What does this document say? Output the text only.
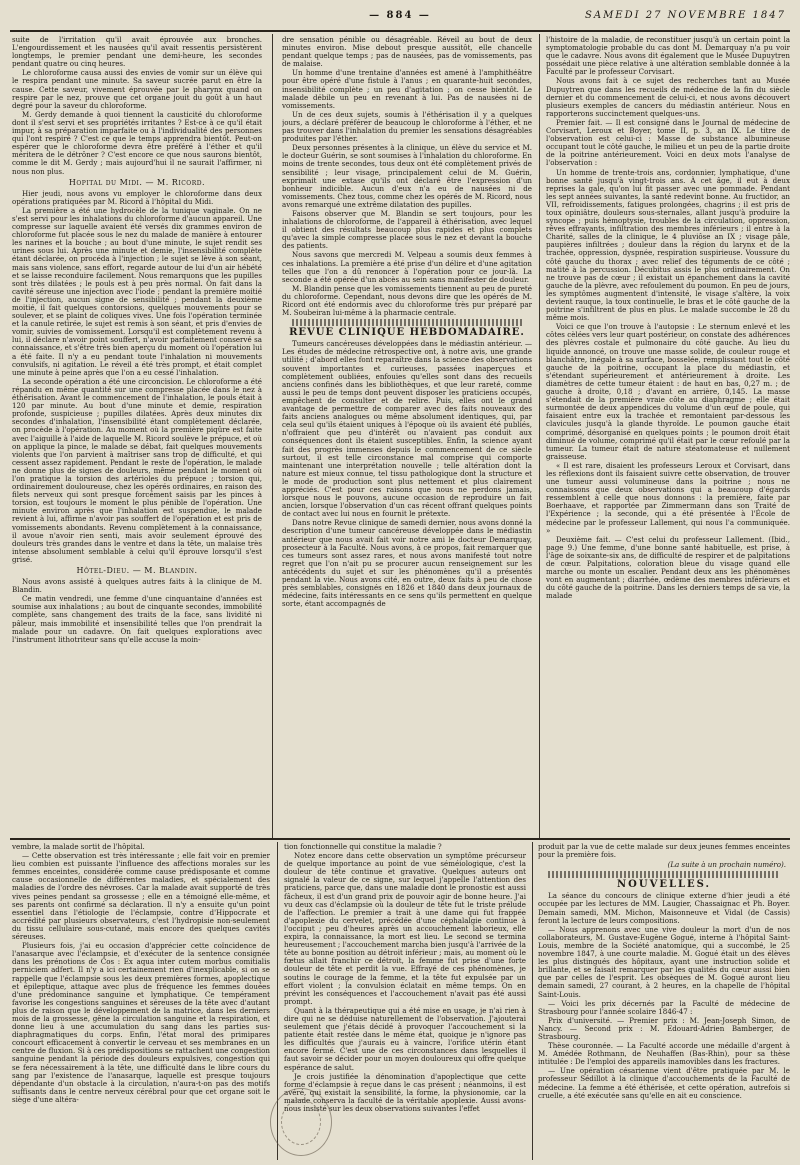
— 884 —	SAMEDI 27 NOVEMBRE 1847

suite de l'irritation qu'il avait éprouvée aux bronches. L'engourdissement et les nausées qu'il avait ressentis persistèrent longtemps, le premier pendant une demi-heure, les secondes pendant quatre ou cinq heures.

Le chloroforme causa aussi des envies de vomir sur un élève qui le respira pendant une minute. Sa saveur sucrée parut en être la cause. Cette saveur, vivement éprouvée par le pharynx quand on respire par le nez, prouve que cet organe jouit du goût à un haut degré pour la saveur du chloroforme.

M. Gerdy demande à quoi tiennent la causticité du chloroforme dont il s'est servi et ses propriétés irritantes ? Est-ce à ce qu'il était impur, à sa préparation imparfaite ou à l'individualité des personnes qui l'ont respiré ? C'est ce que le temps apprendra bientôt. Peut-on espérer que le chloroforme devra être préféré à l'éther et qu'il méritera de le détrôner ? C'est encore ce que nous saurons bientôt, comme le dit M. Gerdy ; mais aujourd'hui il ne saurait l'affirmer, ni nous non plus.

Hopital du Midi. — M. Ricord.

Hier jeudi, nous avons vu employer le chloroforme dans deux opérations pratiquées par M. Ricord à l'hôpital du Midi.

La première a été une hydrocèle de la tunique vaginale. On ne s'est servi pour les inhalations du chloroforme d'aucun appareil. Une compresse sur laquelle avaient été versés dix grammes environ de chloroforme fut placée sous le nez du malade de manière à entourer les narines et la bouche ; au bout d'une minute, le sujet rendit ses urines sous lui. Après une minute et demie, l'insensibilité complète étant déclarée, on procéda à l'injection ; le sujet se lève à son séant, mais sans violence, sans effort, regarde autour de lui d'un air hébété et se laisse reconduire facilement. Nous remarquons que les pupilles sont très dilatées ; le pouls est à peu près normal. On fait dans la cavité séreuse une injection avec l'iode ; pendant la première moitié de l'injection, aucun signe de sensibilité ; pendant la deuxième moitié, il fait quelques contorsions, quelques mouvements pour se soulever, et se plaint de coliques vives. Une fois l'opération terminée et la canule retirée, le sujet est remis à son séant, et pris d'envies de vomir, suivies de vomissement. Lorsqu'il est complètement revenu à lui, il déclare n'avoir point souffert, n'avoir parfaitement conservé sa connaissance, et s'être très bien aperçu du moment où l'opération lui a été faite. Il n'y a eu pendant toute l'inhalation ni mouvements convulsifs, ni agitation. Le réveil a été très prompt, et était complet une minute à peine après que l'on a eu cessé l'inhalation.

La seconde opération a été une circoncision. Le chloroforme a été répandu en même quantité sur une compresse placée dans le nez à éthérisation. Avant le commencement de l'inhalation, le pouls était à 120 par minute. Au bout d'une minute et demie, respiration profonde, suspicieuse ; pupilles dilatées. Après deux minutes dix secondes d'inhalation, l'insensibilité étant complètement déclarée, on procède à l'opération. Au moment où la première piqûre est faite avec l'aiguille à l'aide de laquelle M. Ricord soulève le prépuce, et où on applique la pince, le malade se débat, fait quelques mouvements violents que l'on parvient à maîtriser sans trop de difficulté, et qui cessent assez rapidement. Pendant le reste de l'opération, le malade ne donne plus de signes de douleurs, même pendant le moment où l'on pratique la torsion des artérioles du prépuce ; torsion qui, ordinairement douloureuse, chez les opérés ordinaires, en raison des filets nerveux qui sont presque forcément saisis par les pinces à torsion, est toujours le moment le plus pénible de l'opération. Une minute environ après que l'inhalation est suspendue, le malade revient à lui, affirme n'avoir pas souffert de l'opération et est pris de vomissements abondants. Revenu complètement à la connaissance, il avoue n'avoir rien senti, mais avoir seulement éprouvé des douleurs très grandes dans le ventre et dans la tête, un malaise très intense absolument semblable à celui qu'il éprouve lorsqu'il s'est grisé.

Hôtel-Dieu. — M. Blandin.

Nous avons assisté à quelques autres faits à la clinique de M. Blandin.

Ce matin vendredi, une femme d'une cinquantaine d'années est soumise aux inhalations ; au bout de cinquante secondes, immobilité complète, sans changement des traits de la face, sans lividité ni pâleur, mais immobilité et insensibilité telles que l'on prendrait la malade pour un cadavre. On fait quelques explorations avec l'instrument lithotriteur sans qu'elle accuse la moin-

dre sensation pénible ou désagréable. Réveil au bout de deux minutes environ. Mise debout presque aussitôt, elle chancelle pendant quelque temps ; pas de nausées, pas de vomissements, pas de malaise.

Un homme d'une trentaine d'années est amené à l'amphithéâtre pour être opéré d'une fistule à l'anus ; en quarante-huit secondes, insensibilité complète ; un peu d'agitation ; on cesse bientôt. Le malade débile un peu en revenant à lui. Pas de nausées ni de vomissements.

Un de ces deux sujets, soumis à l'éthérisation il y a quelques jours, a déclaré préférer de beaucoup le chloroforme à l'éther, et ne pas trouver dans l'inhalation du premier les sensations désagréables produites par l'éther.

Deux personnes présentes à la clinique, un élève du service et M. le docteur Guérin, se sont soumises à l'inhalation du chloroforme. En moins de trente secondes, tous deux ont été complètement privés de sensibilité ; leur visage, principalement celui de M. Guérin, exprimait une extase qu'ils ont déclaré être l'expression d'un bonheur indicible. Aucun d'eux n'a eu de nausées ni de vomissements. Chez tous, comme chez les opérés de M. Ricord, nous avons remarqué une extrême dilatation des pupilles.

Faisons observer que M. Blandin se sert toujours, pour les inhalations de chloroforme, de l'appareil à éthérisation, avec lequel il obtient des résultats beaucoup plus rapides et plus complets qu'avec la simple compresse placée sous le nez et devant la bouche des patients.

Nous savons que mercredi M. Velpeau a soumis deux femmes à ces inhalations. La première a été prise d'un délire et d'une agitation telles que l'on a dû renoncer à l'opération pour ce jour-là. La seconde a été opérée d'un abcès au sein sans manifester de douleur.

M. Blandin pense que les vomissements tiennent au peu de pureté du chloroforme. Cependant, nous devons dire que les opérés de M. Ricord ont été endormis avec du chloroforme très pur préparé par M. Soubeiran lui-même à la pharmacie centrale.

REVUE CLINIQUE HEBDOMADAIRE.

Tumeurs cancéreuses développées dans le médiastin antérieur. — Les études de médecine rétrospective ont, à notre avis, une grande utilité ; d'abord elles font reparaître dans la science des observations souvent importantes et curieuses, passées inaperçues et complètement oubliées, enfouies qu'elles sont dans des recueils anciens confinés dans les bibliothèques, et que leur rareté, comme aussi le peu de temps dont peuvent disposer les praticiens occupés, empêchent de consulter et de relire. Puis, elles ont le grand avantage de permettre de comparer avec des faits nouveaux des faits anciens analogues ou même absolument identiques, qui, par cela seul qu'ils étaient uniques à l'époque où ils avaient été publiés, n'offraient que peu d'intérêt ou n'avaient pas conduit aux conséquences dont ils étaient susceptibles. Enfin, la science ayant fait des progrès immenses depuis le commencement de ce siècle surtout, il est telle circonstance mal comprise qui comporte maintenant une interprétation nouvelle ; telle altération dont la nature est mieux connue, tel tissu pathologique dont la structure et le mode de production sont plus nettement et plus clairement appréciés. C'est pour ces raisons que nous ne perdons jamais, lorsque nous le pouvons, aucune occasion de reproduire un fait ancien, lorsque l'observation d'un cas récent offrant quelques points de contact avec lui nous en fournit le prétexte.

Dans notre Revue clinique de samedi dernier, nous avons donné la description d'une tumeur cancéreuse développée dans le médiastin antérieur que nous avait fait voir notre ami le docteur Demarquay, prosecteur à la Faculté. Nous avons, à ce propos, fait remarquer que ces tumeurs sont assez rares, et nous avons manifesté tout notre regret que l'on n'ait pu se procurer aucun renseignement sur les antécédents du sujet et sur les phénomènes qu'il a présentés pendant la vie. Nous avons cité, en outre, deux faits à peu de chose près semblables, consignés en 1826 et 1840 dans deux journaux de médecine, faits intéressants en ce sens qu'ils permettent en quelque sorte, étant accompagnés de

l'histoire de la maladie, de reconstituer jusqu'à un certain point la symptomatologie probable du cas dont M. Demarquay n'a pu voir que le cadavre. Nous avons dit également que le Musée Dupuytren possédait une pièce relative à une altération semblable donnée à la Faculté par le professeur Corvisart.

Nous avons fait à ce sujet des recherches tant au Musée Dupuytren que dans les recueils de médecine de la fin du siècle dernier et du commencement de celui-ci, et nous avons découvert plusieurs exemples de cancers du médiastin antérieur. Nous en rapporterons succinctement quelques-uns.

Premier fait. — Il est consigné dans le Journal de médecine de Corvisart, Leroux et Boyer, tome II, p. 3, an IX. Le titre de l'observation est celui-ci : Masse de substance albumineuse occupant tout le côté gauche, le milieu et un peu de la partie droite de la poitrine antérieurement. Voici en deux mots l'analyse de l'observation :

Un homme de trente-trois ans, cordonnier, lymphatique, d'une bonne santé jusqu'à vingt-trois ans. À cet âge, il eut à deux reprises la gale, qu'on lui fit passer avec une pommade. Pendant les sept années suivantes, la santé redevint bonne. Au fructidor, an VII, refroidissements, fatigues prolongées, chagrins ; il est pris de toux opiniâtre, douleurs sous-sternales, allant jusqu'à produire la syncope ; puis hémoptysie, troubles de la circulation, oppression, rêves effrayants, infiltration des membres inférieurs ; il entre à la Charité, salles de la clinique, le 4 pluviôse an IX ; visage pâle, paupières infiltrées ; douleur dans la région du larynx et de la trachée, oppression, dyspnée, respiration suspirieuse. Voussure du côté gauche du thorax ; avec relief des téguments de ce côté ; matité à la percussion. Décubitus assis le plus ordinairement. On ne trouve pas de cœur ; il existait un épanchement dans la cavité gauche de la plèvre, avec refoulement du poumon. En peu de jours, les symptômes augmentent d'intensité, le visage s'altère, la voix devient rauque, la toux continuelle, le bras et le côté gauche de la poitrine s'infiltrent de plus en plus. Le malade succombe le 28 du même mois.

Voici ce que l'on trouve à l'autopsie : Le sternum enlevé et les côtes cèlées vers leur quart postérieur, on constate des adhérences des plèvres costale et pulmonaire du côté gauche. Au lieu du liquide annoncé, on trouve une masse solide, de couleur rouge et blanchâtre, inégale à sa surface, bosselée, remplissant tout le côté gauche de la poitrine, occupant la place du médiastin, et s'étendant supérieurement et antérieurement à droite. Les diamètres de cette tumeur étaient : de haut en bas, 0,27 m. ; de gauche à droite, 0,18 ; d'avant en arrière, 0,145. La masse s'étendait de la première vraie côte au diaphragme ; elle était surmontée de deux appendices du volume d'un œuf de poule, qui faisaient entre eux la trachée et remontaient par-dessous les clavicules jusqu'à la glande thyroïde. Le poumon gauche était comprimé, désorganisé en quelques points ; le poumon droit était diminué de volume, comprimé qu'il était par le cœur refoulé par la tumeur. La tumeur était de nature stéatomateuse et nullement graisseuse.

« Il est rare, disaient les professeurs Leroux et Corvisart, dans les réflexions dont ils faisaient suivre cette observation, de trouver une tumeur aussi volumineuse dans la poitrine ; nous ne connaissons que deux observations qui a beaucoup d'égards ressemblent à celle que nous donnons : la première, faite par Boerhaave, et rapportée par Zimmermann dans son Traité de l'Expérience ; la seconde, qui a été présentée à l'École de médecine par le professeur Lallement, qui nous l'a communiquée. »

Deuxième fait. — C'est celui du professeur Lallement. (Ibid., page 9.) Une femme, d'une bonne santé habituelle, est prise, à l'âge de soixante-six ans, de difficulté de respirer et de palpitations de cœur. Palpitations, coloration bleue du visage quand elle marche ou monte un escalier. Pendant deux ans les phénomènes vont en augmentant ; diarrhée, œdème des membres inférieurs et du côté gauche de la poitrine. Dans les derniers temps de sa vie, la malade

vembre, la malade sortit de l'hôpital.

— Cette observation est très intéressante ; elle fait voir en premier lieu combien est puissante l'influence des affections morales sur les femmes enceintes, considérée comme cause prédisposante et comme cause occasionnelle de différentes maladies, et spécialement des maladies de l'ordre des névroses. Car la malade avait supporté de très vives peines pendant sa grossesse ; elle en a témoigné elle-même, et ses parents ont confirmé sa déclaration. Il n'y a ensuite qu'un point essentiel dans l'étiologie de l'éclampsie, contre d'Hippocrate et accrédité par plusieurs observateurs, c'est l'hydropisie non-seulement du tissu cellulaire sous-cutané, mais encore des quelques cavités séreuses.

Plusieurs fois, j'ai eu occasion d'apprécier cette coïncidence de l'anasarque avec l'éclampsie, et d'exécuter de la sentence consignée dans les prénotions de Cos : Ex aqua inter cutem morbus comitialis perniciem adfert. Il n'y a ici certainement rien d'inexplicable, si on se rappelle que l'éclampsie sous les deux premières formes, apoplectique et épileptique, attaque avec plus de fréquence les femmes douées d'une prédominance sanguine et lymphatique. Ce tempérament favorise les congestions sanguines et séreuses de la tête avec d'autant plus de raison que le développement de la matrice, dans les derniers mois de la grossesse, gêne la circulation sanguine et la respiration, et donne lieu à une accumulation du sang dans les parties sus-diaphragmatiques du corps. Enfin, l'état moral des primipares concourt efficacement à convertir le cerveau et ses membranes en un centre de fluxion. Si à ces prédispositions se rattachent une congestion sanguine pendant la période des douleurs expulsives, congestion qui se fera nécessairement à la tête, une difficulté dans le libre cours du sang par l'existence de l'anasarque, laquelle est presque toujours dépendante d'un obstacle à la circulation, n'aura-t-on pas des motifs suffisants dans le centre nerveux cérébral pour que cet organe soit le siège d'une altéra-

tion fonctionnelle qui constitue la maladie ?

Notez encore dans cette observation un symptôme précurseur de quelque importance au point de vue séméiologique, c'est la douleur de tête continue et gravative. Quelques auteurs ont signalé la valeur de ce signe, sur lequel j'appelle l'attention des praticiens, parce que, dans une maladie dont le pronostic est aussi fâcheux, il est d'un grand prix de pouvoir agir de bonne heure. J'ai vu deux cas d'éclampsie où la douleur de tête fut le triste prélude de l'affection. Le premier a trait à une dame qui fut frappée d'apoplexie du cervelet, précédée d'une céphalalgie continue à l'occiput ; peu d'heures après un accouchement laborieux, elle expira, la connaissance, la mort est lieu. Le second se termina heureusement ; l'accouchement marcha bien jusqu'à l'arrivée de la tête au bonne position au détroit inférieur ; mais, au moment où le fœtus allait franchir ce détroit, la femme fut prise d'une forte douleur de tête et perdit la vue. Effrayé de ces phénomènes, je soutins le courage de la femme, et la tête fut expulsée par un effort violent ; la convulsion éclatait en même temps. On en prévint les conséquences et l'accouchement n'avait pas été aussi prompt.

Quant à la thérapeutique qui a été mise en usage, je n'ai rien à dire qui ne se déduise naturellement de l'observation. J'ajouterai seulement que j'étais décidé à provoquer l'accouchement si la patiente était restée dans le même état, quoique je n'ignore pas les difficultés que j'aurais eu à vaincre, l'orifice utérin étant encore fermé. C'est une de ces circonstances dans lesquelles il faut savoir se décider pour un moyen douloureux qui offre quelque espérance de salut.

Je crois justifiée la dénomination d'apoplectique que cette forme d'éclampsie à reçue dans le cas présent ; néanmoins, il est avéré, qui existait la sensibilité, la forme, la physionomie, car la malade conserva la faculté de la véritable apoplexie. Aussi avons-nous insisté sur les deux observations suivantes l'effet

produit par la vue de cette malade sur deux jeunes femmes enceintes pour la première fois.

(La suite à un prochain numéro).
NOUVELLES.

La séance du concours de clinique externe d'hier jeudi a été occupée par les lectures de MM. Laugier, Chassaignac et Ph. Boyer. Demain samedi, MM. Michon, Maisonneuve et Vidal (de Cassis) feront la lecture de leurs compositions.

— Nous apprenons avec une vive douleur la mort d'un de nos collaborateurs, M. Gustave-Eugène Gogué, interne à l'hôpital Saint-Louis, membre de la Société anatomique, qui a succombé, le 25 novembre 1847, à une courte maladie. M. Gogué était un des élèves les plus distingués des hôpitaux, ayant une instruction solide et brillante, et se faisait remarquer par les qualités du cœur aussi bien que par celles de l'esprit. Les obsèques de M. Gogué auront lieu demain samedi, 27 courant, à 2 heures, en la chapelle de l'hôpital Saint-Louis.

— Voici les prix décernés par la Faculté de médecine de Strasbourg pour l'année scolaire 1846-47 :

Prix d'université. — Premier prix : M. Jean-Joseph Simon, de Nancy. — Second prix : M. Edouard-Adrien Bamberger, de Strasbourg.

Thèse couronnée. — La Faculté accorde une médaille d'argent à M. Amédée Rothmann, de Neuhaffen (Bas-Rhin), pour sa thèse intitulée : De l'emploi des appareils inamovibles dans les fractures.

— Une opération césarienne vient d'être pratiquée par M. le professeur Sédillot à la clinique d'accouchements de la Faculté de médecine. La femme a été éthérisée, et cette opération, autrefois si cruelle, a été exécutée sans qu'elle en ait eu conscience.
